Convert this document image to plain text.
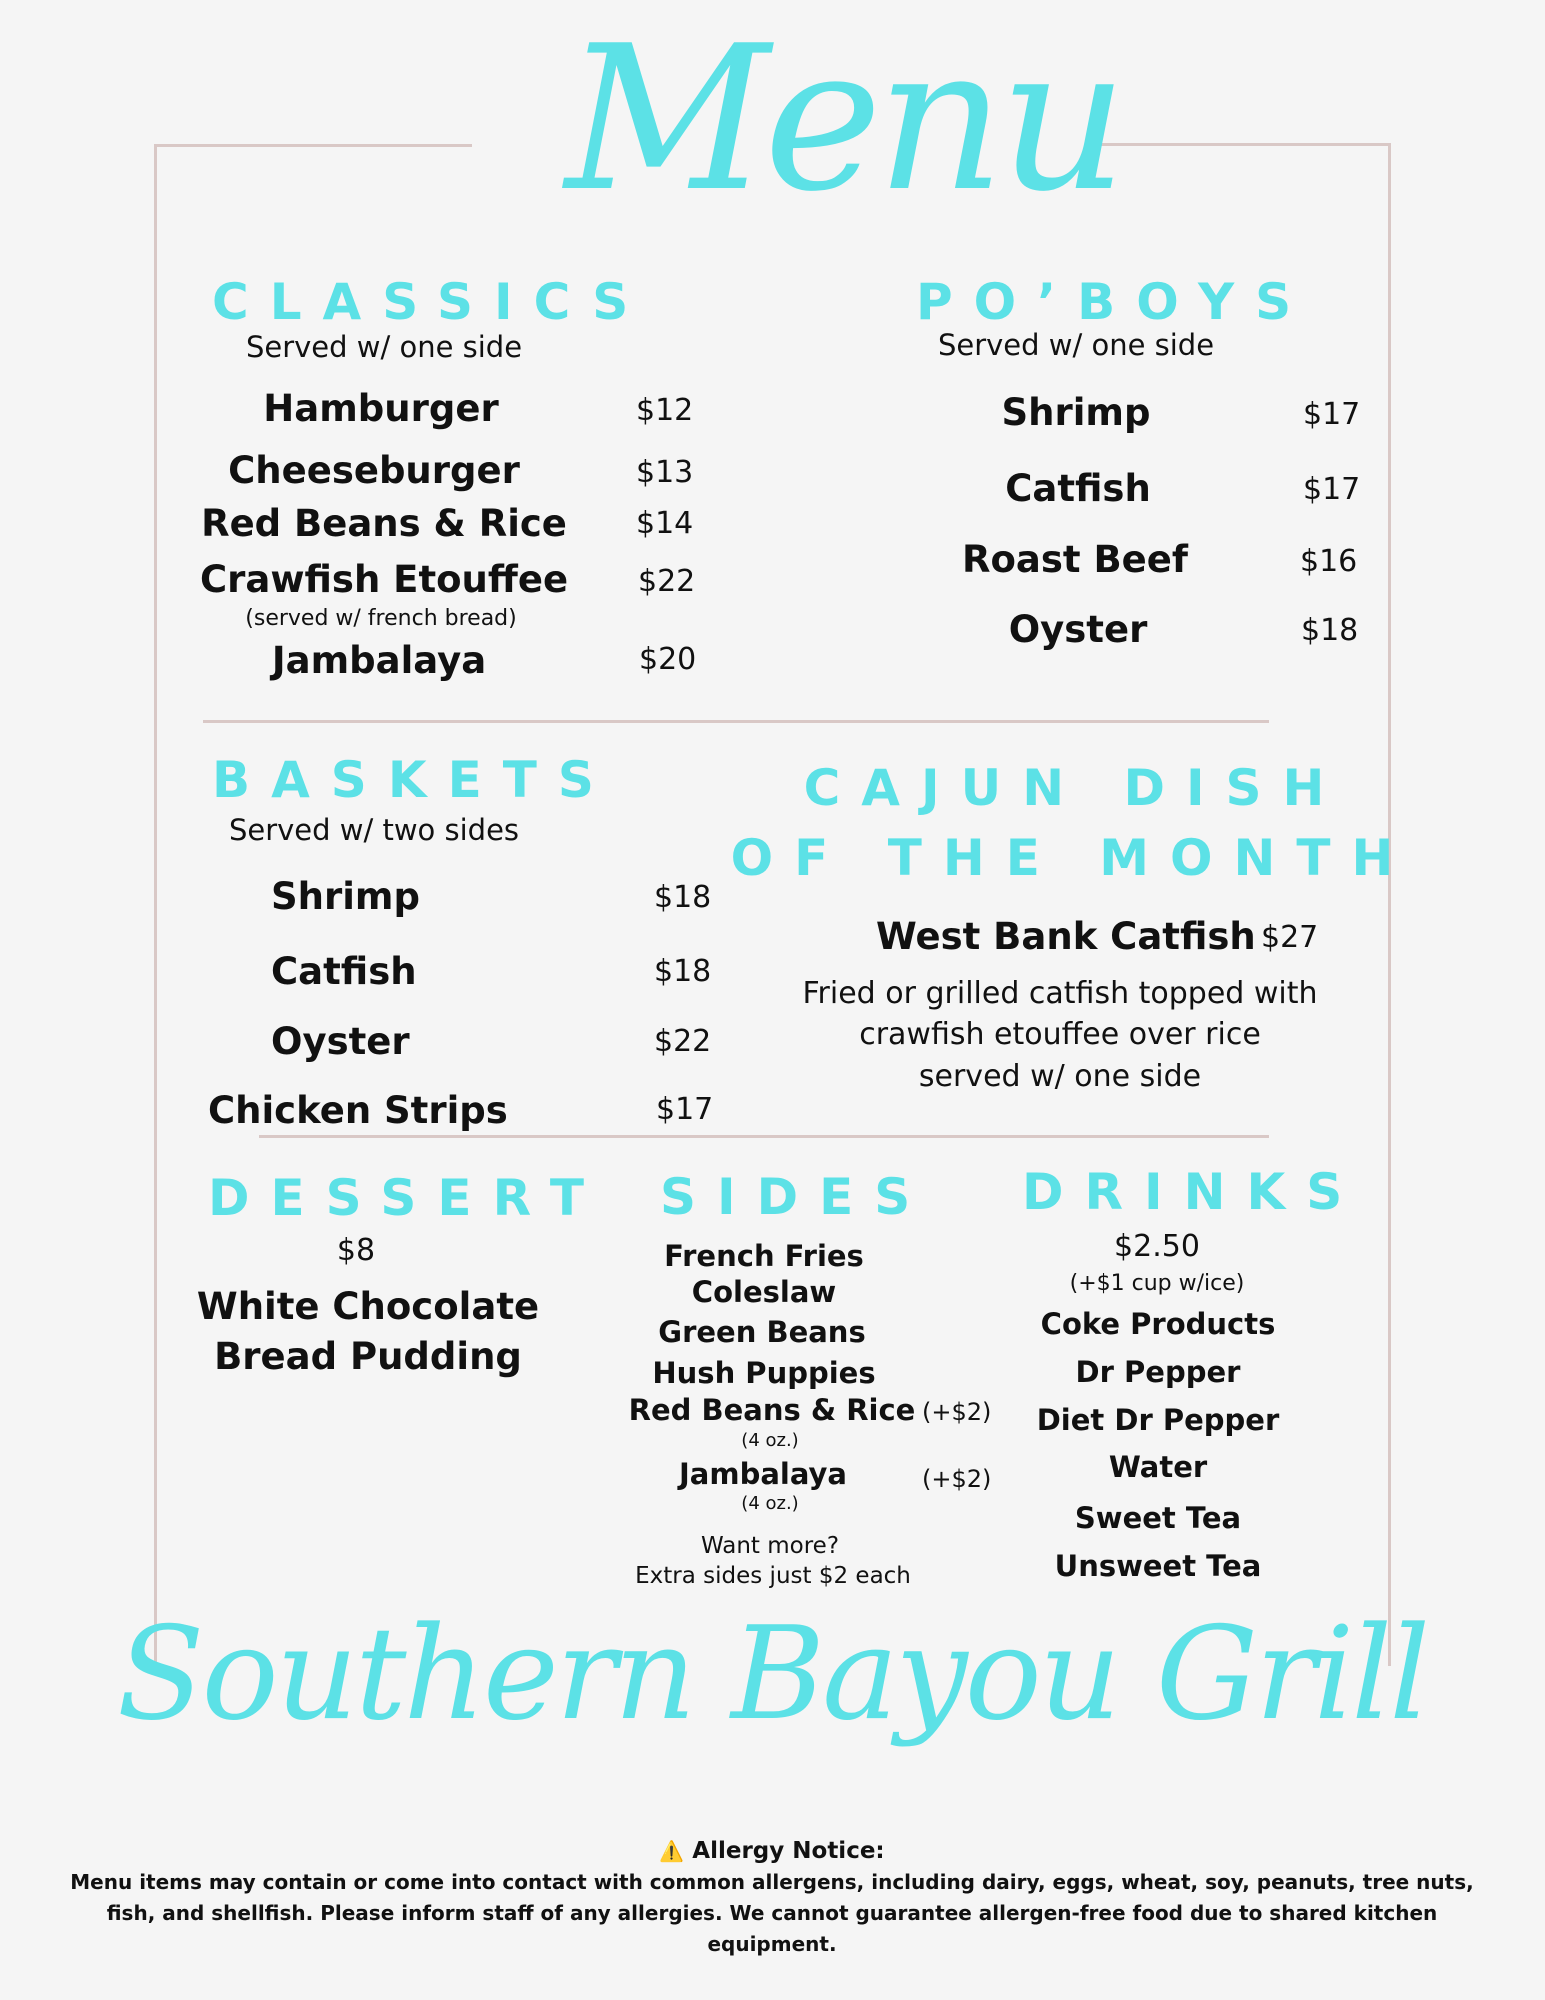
Menu
CLASSICS
Served w/ one side
Hamburger	$12
Cheeseburger	$13
Red Beans & Rice $14
Crawfish Etouffee $22
(served w/ french bread)
Jambalaya	$20
PO’BOYS
Served w/ one side
Shrimp	$17
Catfish	$17
Roast Beef	$16
Oyster	$18
BASKETS
Served w/ two sides
Shrimp	$18
Catfish	$18
Oyster	$22
Chicken Strips	$17
CAJUN DISH
OF THE MONTH
West Bank Catfish $27
Fried or grilled catfish topped with
crawfish etouffee over rice
served w/ one side
DESSERT
$8
White Chocolate
Bread Pudding
SIDES
French Fries
Coleslaw
Green Beans
Hush Puppies
Red Beans & Rice (+$2)
(4 oz.)
Jambalaya	(+$2)
(4 oz.)
Want more?
Extra sides just $2 each
DRINKS
$2.50
(+$1 cup w/ice)
Coke Products
Dr Pepper
Diet Dr Pepper
Water
Sweet Tea
Unsweet Tea
Southern Bayou Grill
⚠️ Allergy Notice:
Menu items may contain or come into contact with common allergens, including dairy, eggs, wheat, soy, peanuts, tree nuts,
fish, and shellfish. Please inform staff of any allergies. We cannot guarantee allergen-free food due to shared kitchen
equipment.
